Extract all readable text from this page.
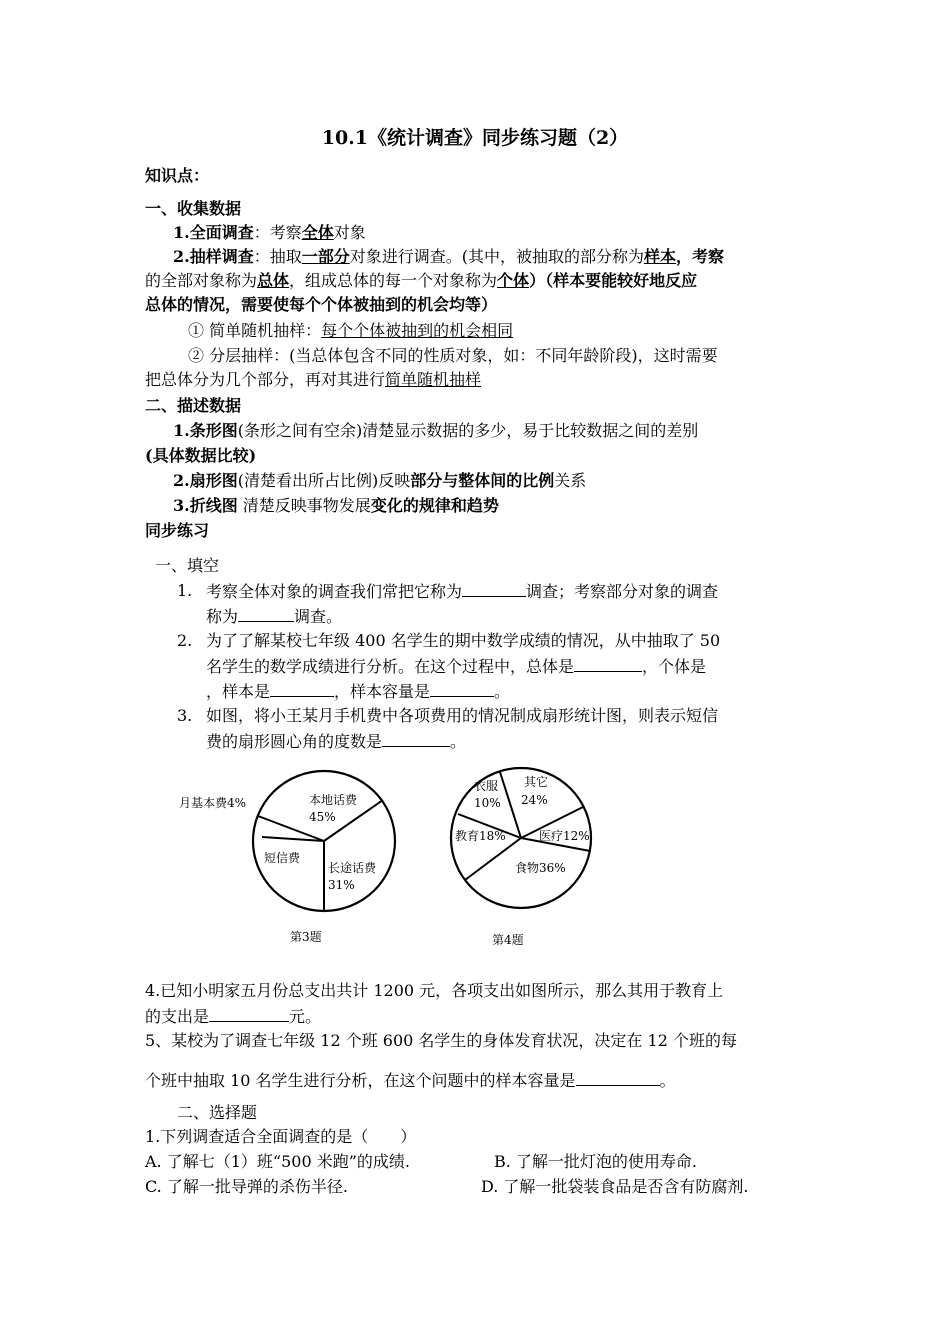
10.1《统计调查》同步练习题（2）
知识点：
一、收集数据
1.全面调查：考察全体对象
2.抽样调查：抽取一部分对象进行调查。(其中，被抽取的部分称为样本，考察
的全部对象称为总体，组成总体的每一个对象称为个体）（样本要能较好地反应
总体的情况，需要使每个个体被抽到的机会均等）
① 简单随机抽样：每个个体被抽到的机会相同
② 分层抽样：(当总体包含不同的性质对象，如：不同年龄阶段)，这时需要
把总体分为几个部分，再对其进行简单随机抽样
二、描述数据
1.条形图(条形之间有空余)清楚显示数据的多少，易于比较数据之间的差别
(具体数据比较)
2.扇形图(清楚看出所占比例)反映部分与整体间的比例关系
3.折线图 清楚反映事物发展变化的规律和趋势
同步练习
一、填空
1. 考察全体对象的调查我们常把它称为	调查；考察部分对象的调查
称为	调查。
2. 为了了解某校七年级 400 名学生的期中数学成绩的情况，从中抽取了 50
名学生的数学成绩进行分析。在这个过程中，总体是	，个体是
，样本是	，样本容量是	。
3. 如图，将小王某月手机费中各项费用的情况制成扇形统计图，则表示短信
费的扇形圆心角的度数是	。
月基本费4%	本地话费
45%
短信费
长途话费
31%
第3题
衣服
10%
其它
24%
医疗12%
食物36%
教育18%
第4题
4.已知小明家五月份总支出共计 1200 元，各项支出如图所示，那么其用于教育上
的支出是	元。
5、某校为了调查七年级 12 个班 600 名学生的身体发育状况，决定在 12 个班的每
个班中抽取 10 名学生进行分析，在这个问题中的样本容量是	。
二、选择题
1.下列调查适合全面调查的是（　　）
A. 了解七（1）班“500 米跑”的成绩.	B. 了解一批灯泡的使用寿命.
C. 了解一批导弹的杀伤半径.	D. 了解一批袋装食品是否含有防腐剂.
